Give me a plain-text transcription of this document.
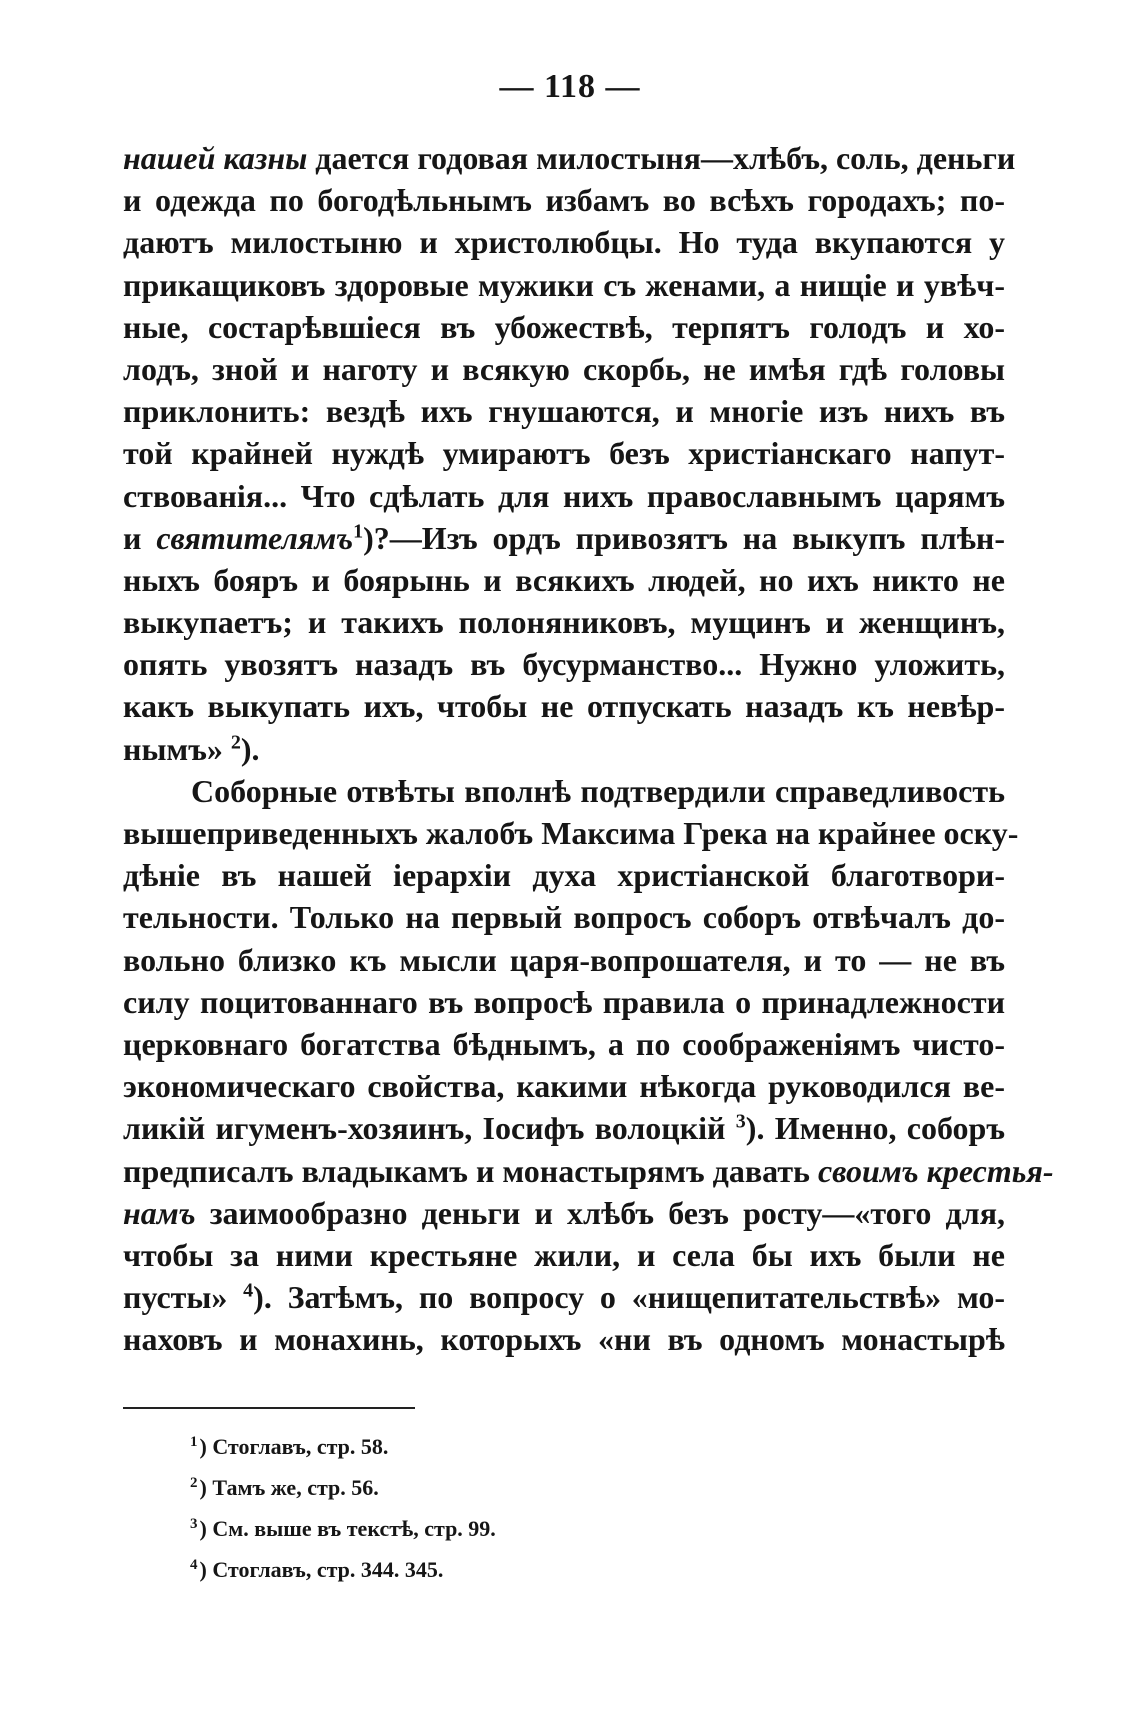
— 118 —
нашей казны дается годовая милостыня—хлѣбъ, соль, деньги
и одежда по богодѣльнымъ избамъ во всѣхъ городахъ; по-
даютъ милостыню и христолюбцы. Но туда вкупаются у
прикащиковъ здоровые мужики съ женами, а нищіе и увѣч-
ные, состарѣвшіеся въ убожествѣ, терпятъ голодъ и хо-
лодъ, зной и наготу и всякую скорбь, не имѣя гдѣ головы
приклонить: вездѣ ихъ гнушаются, и многіе изъ нихъ въ
той крайней нуждѣ умираютъ безъ христіанскаго напут-
ствованія... Что сдѣлать для нихъ православнымъ царямъ
и святителямъ$^1$)?—Изъ ордъ привозятъ на выкупъ плѣн-
ныхъ бояръ и боярынь и всякихъ людей, но ихъ никто не
выкупаетъ; и такихъ полоняниковъ, мущинъ и женщинъ,
опять увозятъ назадъ въ бусурманство... Нужно уложить,
какъ выкупать ихъ, чтобы не отпускать назадъ къ невѣр-
нымъ» $^2$).
Соборные отвѣты вполнѣ подтвердили справедливость
вышеприведенныхъ жалобъ Максима Грека на крайнее оску-
дѣніе въ нашей іерархіи духа христіанской благотвори-
тельности. Только на первый вопросъ соборъ отвѣчалъ до-
вольно близко къ мысли царя-вопрошателя, и то — не въ
силу поцитованнаго въ вопросѣ правила о принадлежности
церковнаго богатства бѣднымъ, а по соображеніямъ чисто-
экономическаго свойства, какими нѣкогда руководился ве-
ликій игуменъ-хозяинъ, Іосифъ волоцкій $^3$). Именно, соборъ
предписалъ владыкамъ и монастырямъ давать своимъ крестья-
намъ заимообразно деньги и хлѣбъ безъ росту—«того для,
чтобы за ними крестьяне жили, и села бы ихъ были не
пусты» $^4$). Затѣмъ, по вопросу о «нищепитательствѣ» мо-
наховъ и монахинь, которыхъ «ни въ одномъ монастырѣ
$^1$) Стоглавъ, стр. 58.
$^2$) Тамъ же, стр. 56.
$^3$) См. выше въ текстѣ, стр. 99.
$^4$) Стоглавъ, стр. 344. 345.
